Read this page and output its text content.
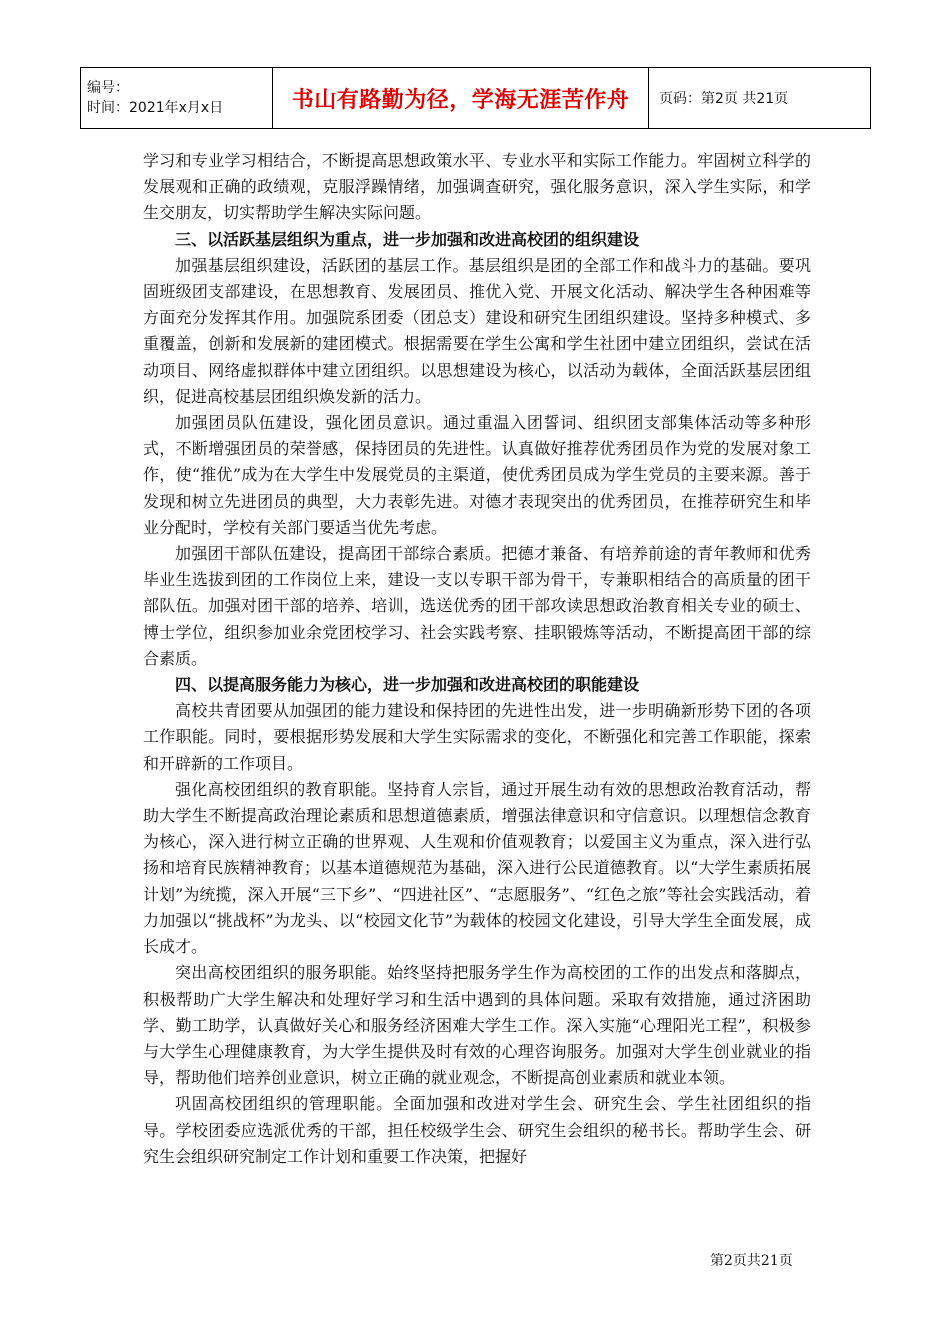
编号：
时间：2021年x月x日	书山有路勤为径，学海无涯苦作舟	页码：第2页 共21页

学习和专业学习相结合，不断提高思想政策水平、专业水平和实际工作能力。牢固树立科学的发展观和正确的政绩观，克服浮躁情绪，加强调查研究，强化服务意识，深入学生实际，和学生交朋友，切实帮助学生解决实际问题。

三、以活跃基层组织为重点，进一步加强和改进高校团的组织建设

加强基层组织建设，活跃团的基层工作。基层组织是团的全部工作和战斗力的基础。要巩固班级团支部建设，在思想教育、发展团员、推优入党、开展文化活动、解决学生各种困难等方面充分发挥其作用。加强院系团委（团总支）建设和研究生团组织建设。坚持多种模式、多重覆盖，创新和发展新的建团模式。根据需要在学生公寓和学生社团中建立团组织，尝试在活动项目、网络虚拟群体中建立团组织。以思想建设为核心，以活动为载体，全面活跃基层团组织，促进高校基层团组织焕发新的活力。

加强团员队伍建设，强化团员意识。通过重温入团誓词、组织团支部集体活动等多种形式，不断增强团员的荣誉感，保持团员的先进性。认真做好推荐优秀团员作为党的发展对象工作，使“推优”成为在大学生中发展党员的主渠道，使优秀团员成为学生党员的主要来源。善于发现和树立先进团员的典型，大力表彰先进。对德才表现突出的优秀团员，在推荐研究生和毕业分配时，学校有关部门要适当优先考虑。

加强团干部队伍建设，提高团干部综合素质。把德才兼备、有培养前途的青年教师和优秀毕业生选拔到团的工作岗位上来，建设一支以专职干部为骨干，专兼职相结合的高质量的团干部队伍。加强对团干部的培养、培训，选送优秀的团干部攻读思想政治教育相关专业的硕士、博士学位，组织参加业余党团校学习、社会实践考察、挂职锻炼等活动，不断提高团干部的综合素质。

四、以提高服务能力为核心，进一步加强和改进高校团的职能建设

高校共青团要从加强团的能力建设和保持团的先进性出发，进一步明确新形势下团的各项工作职能。同时，要根据形势发展和大学生实际需求的变化，不断强化和完善工作职能，探索和开辟新的工作项目。

强化高校团组织的教育职能。坚持育人宗旨，通过开展生动有效的思想政治教育活动，帮助大学生不断提高政治理论素质和思想道德素质，增强法律意识和守信意识。以理想信念教育为核心，深入进行树立正确的世界观、人生观和价值观教育；以爱国主义为重点，深入进行弘扬和培育民族精神教育；以基本道德规范为基础，深入进行公民道德教育。以“大学生素质拓展计划”为统揽，深入开展“三下乡”、“四进社区”、“志愿服务”、“红色之旅”等社会实践活动，着力加强以“挑战杯”为龙头、以“校园文化节”为载体的校园文化建设，引导大学生全面发展，成长成才。

突出高校团组织的服务职能。始终坚持把服务学生作为高校团的工作的出发点和落脚点，积极帮助广大学生解决和处理好学习和生活中遇到的具体问题。采取有效措施，通过济困助学、勤工助学，认真做好关心和服务经济困难大学生工作。深入实施“心理阳光工程”，积极参与大学生心理健康教育，为大学生提供及时有效的心理咨询服务。加强对大学生创业就业的指导，帮助他们培养创业意识，树立正确的就业观念，不断提高创业素质和就业本领。

巩固高校团组织的管理职能。全面加强和改进对学生会、研究生会、学生社团组织的指导。学校团委应选派优秀的干部，担任校级学生会、研究生会组织的秘书长。帮助学生会、研究生会组织研究制定工作计划和重要工作决策，把握好

第2页共21页
